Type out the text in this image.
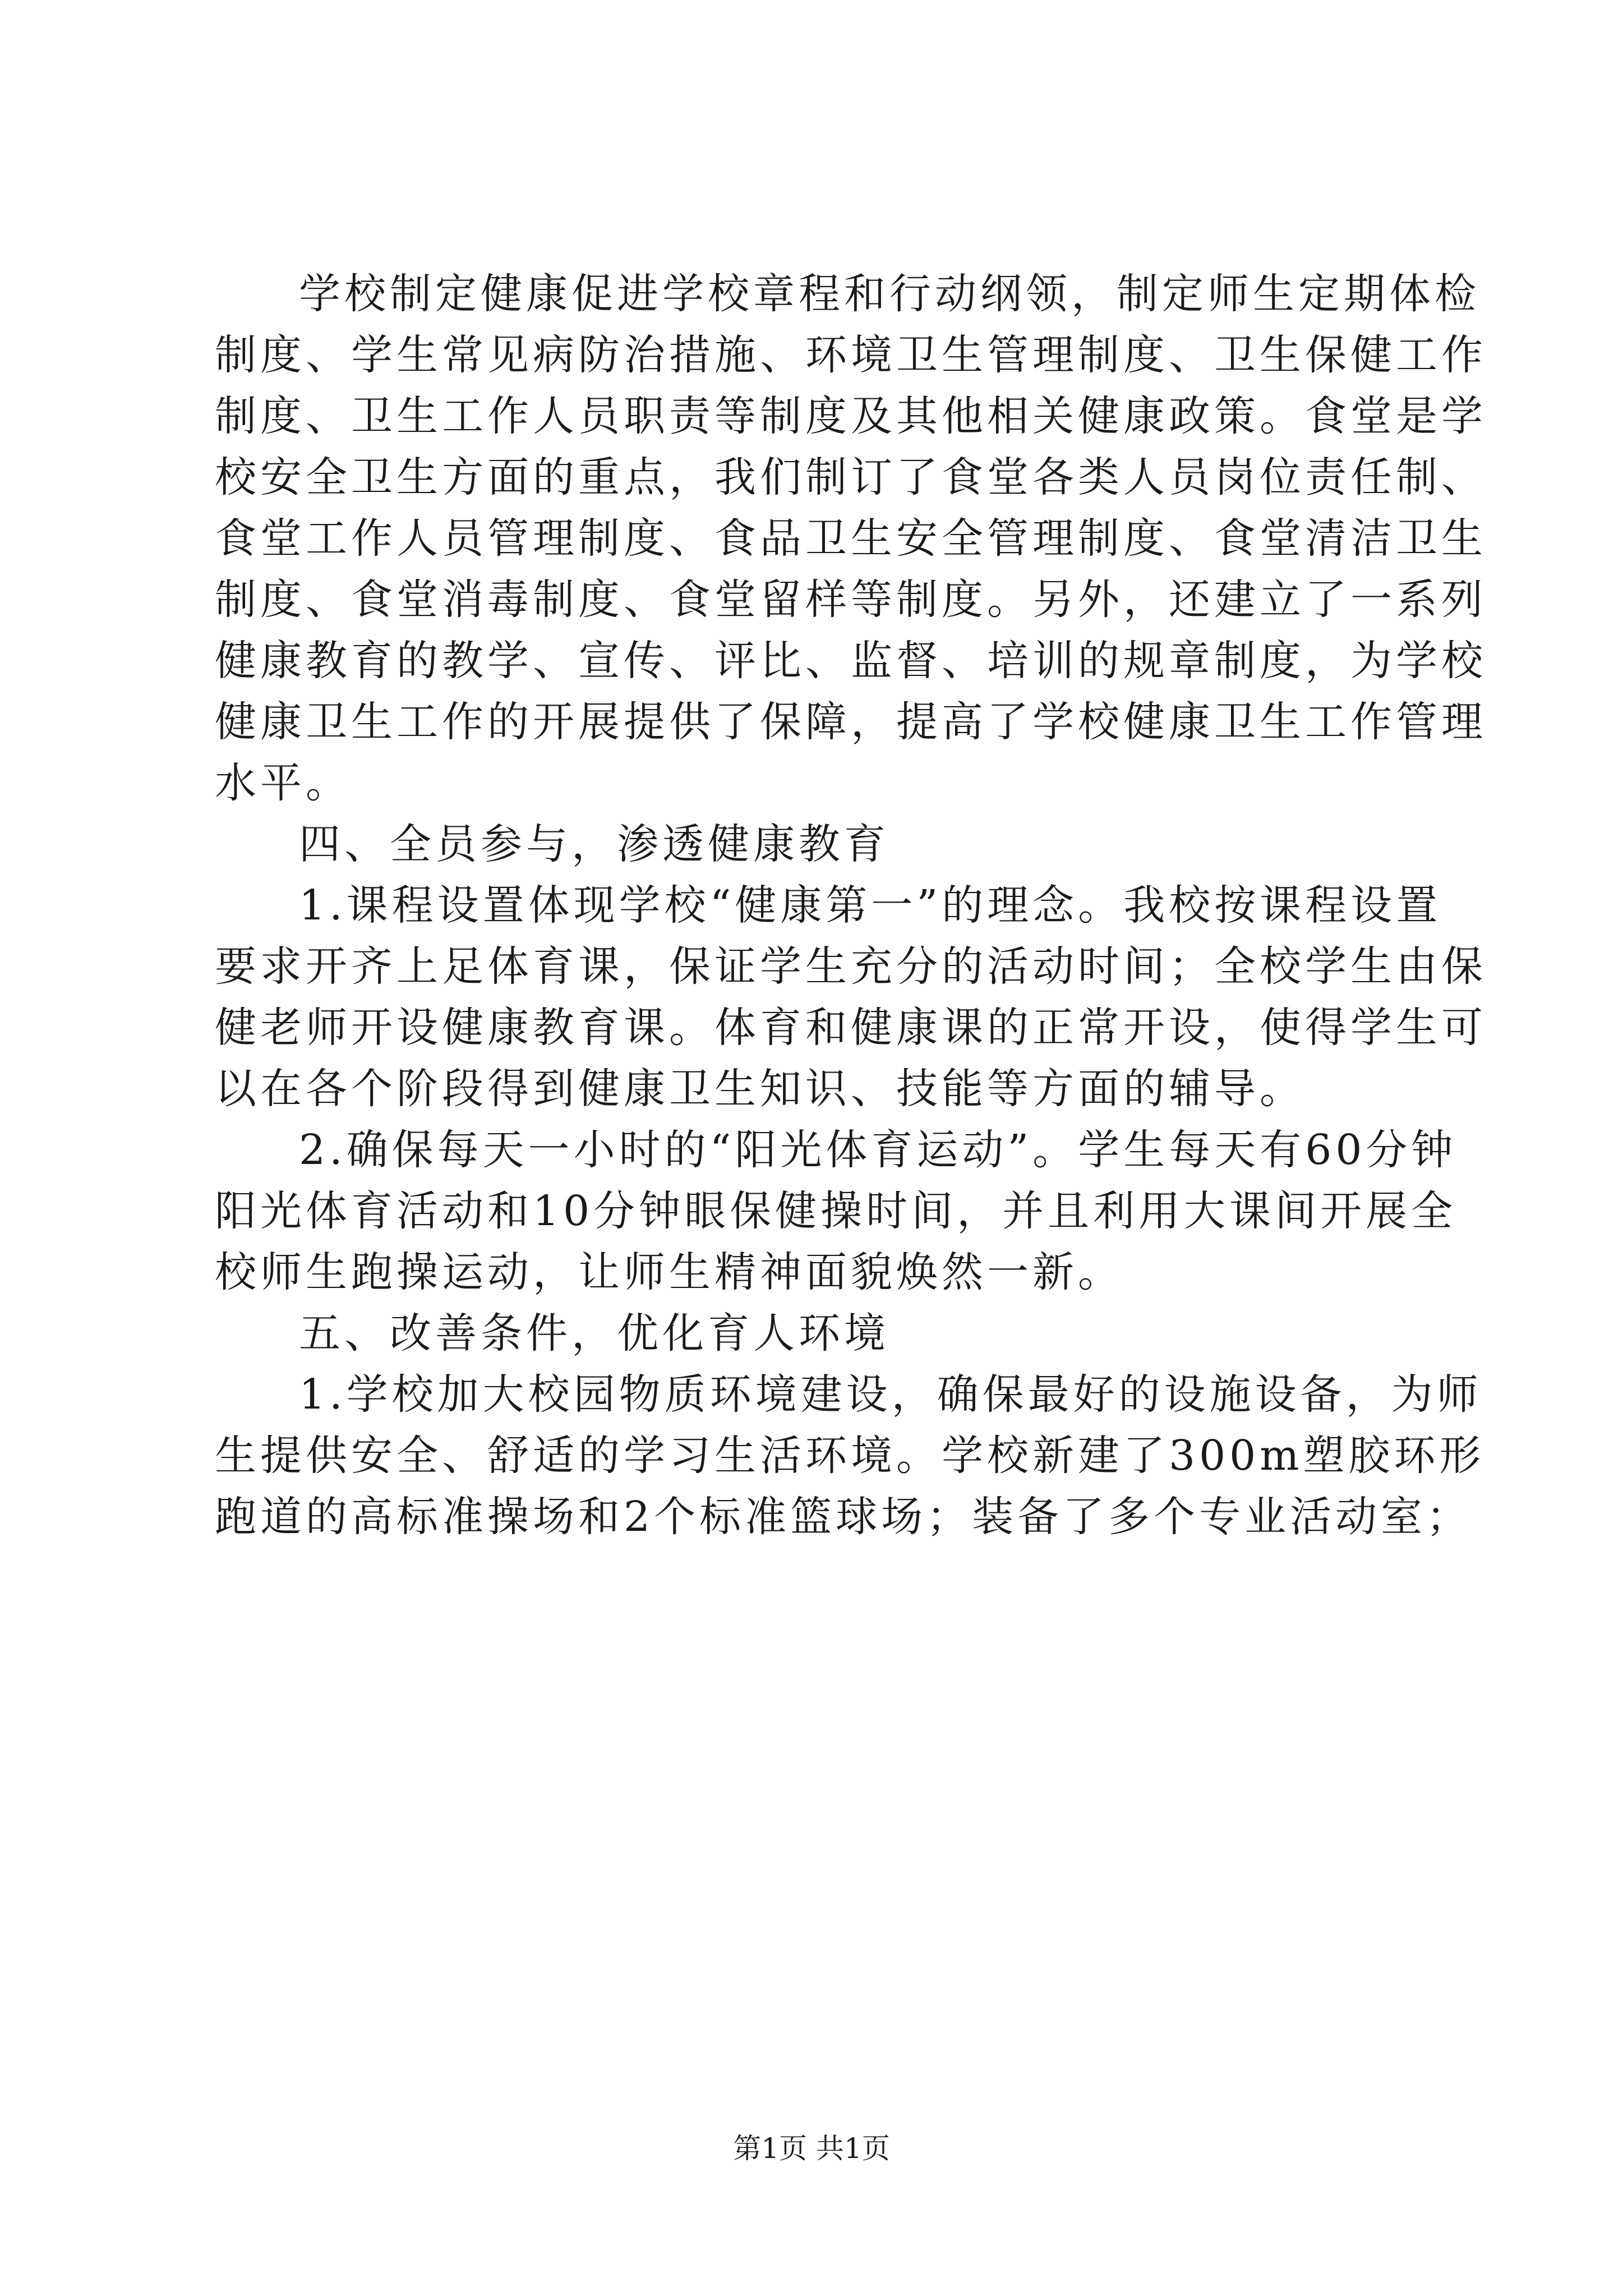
学校制定健康促进学校章程和行动纲领，制定师生定期体检
制度、学生常见病防治措施、环境卫生管理制度、卫生保健工作
制度、卫生工作人员职责等制度及其他相关健康政策。食堂是学
校安全卫生方面的重点，我们制订了食堂各类人员岗位责任制、
食堂工作人员管理制度、食品卫生安全管理制度、食堂清洁卫生
制度、食堂消毒制度、食堂留样等制度。另外，还建立了一系列
健康教育的教学、宣传、评比、监督、培训的规章制度，为学校
健康卫生工作的开展提供了保障，提高了学校健康卫生工作管理
水平。
四、全员参与，渗透健康教育
1.课程设置体现学校“健康第一”的理念。我校按课程设置
要求开齐上足体育课，保证学生充分的活动时间；全校学生由保
健老师开设健康教育课。体育和健康课的正常开设，使得学生可
以在各个阶段得到健康卫生知识、技能等方面的辅导。
2.确保每天一小时的“阳光体育运动”。学生每天有60分钟
阳光体育活动和10分钟眼保健操时间，并且利用大课间开展全
校师生跑操运动，让师生精神面貌焕然一新。
五、改善条件，优化育人环境
1.学校加大校园物质环境建设，确保最好的设施设备，为师
生提供安全、舒适的学习生活环境。学校新建了300m塑胶环形
跑道的高标准操场和2个标准篮球场；装备了多个专业活动室；
第1页 共1页
